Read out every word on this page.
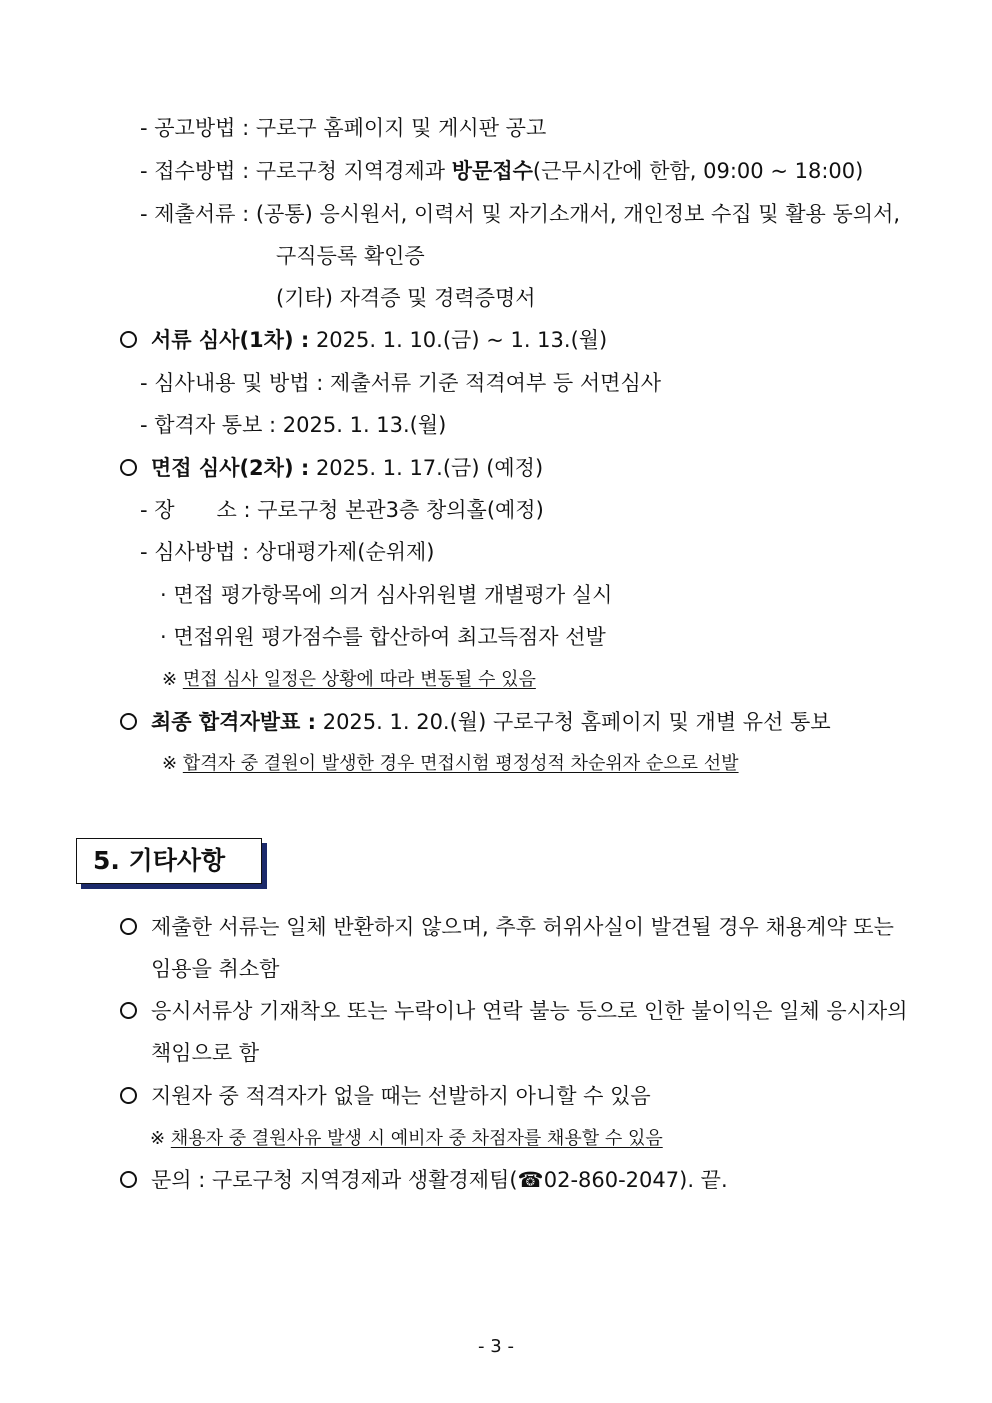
- 공고방법 : 구로구 홈페이지 및 게시판 공고
- 접수방법 : 구로구청 지역경제과 방문접수(근무시간에 한함, 09:00 ~ 18:00)
- 제출서류 : (공통) 응시원서, 이력서 및 자기소개서, 개인정보 수집 및 활용 동의서,
구직등록 확인증
(기타) 자격증 및 경력증명서
서류 심사(1차) : 2025. 1. 10.(금) ~ 1. 13.(월)
- 심사내용 및 방법 : 제출서류 기준 적격여부 등 서면심사
- 합격자 통보 : 2025. 1. 13.(월)
면접 심사(2차) : 2025. 1. 17.(금) (예정)
- 장　　소 : 구로구청 본관3층 창의홀(예정)
- 심사방법 : 상대평가제(순위제)
· 면접 평가항목에 의거 심사위원별 개별평가 실시
· 면접위원 평가점수를 합산하여 최고득점자 선발
※ 면접 심사 일정은 상황에 따라 변동될 수 있음
최종 합격자발표 : 2025. 1. 20.(월) 구로구청 홈페이지 및 개별 유선 통보
※ 합격자 중 결원이 발생한 경우 면접시험 평정성적 차순위자 순으로 선발
5. 기타사항
제출한 서류는 일체 반환하지 않으며, 추후 허위사실이 발견될 경우 채용계약 또는
임용을 취소함
응시서류상 기재착오 또는 누락이나 연락 불능 등으로 인한 불이익은 일체 응시자의
책임으로 함
지원자 중 적격자가 없을 때는 선발하지 아니할 수 있음
※ 채용자 중 결원사유 발생 시 예비자 중 차점자를 채용할 수 있음
문의 : 구로구청 지역경제과 생활경제팀(☎02-860-2047). 끝.
- 3 -
